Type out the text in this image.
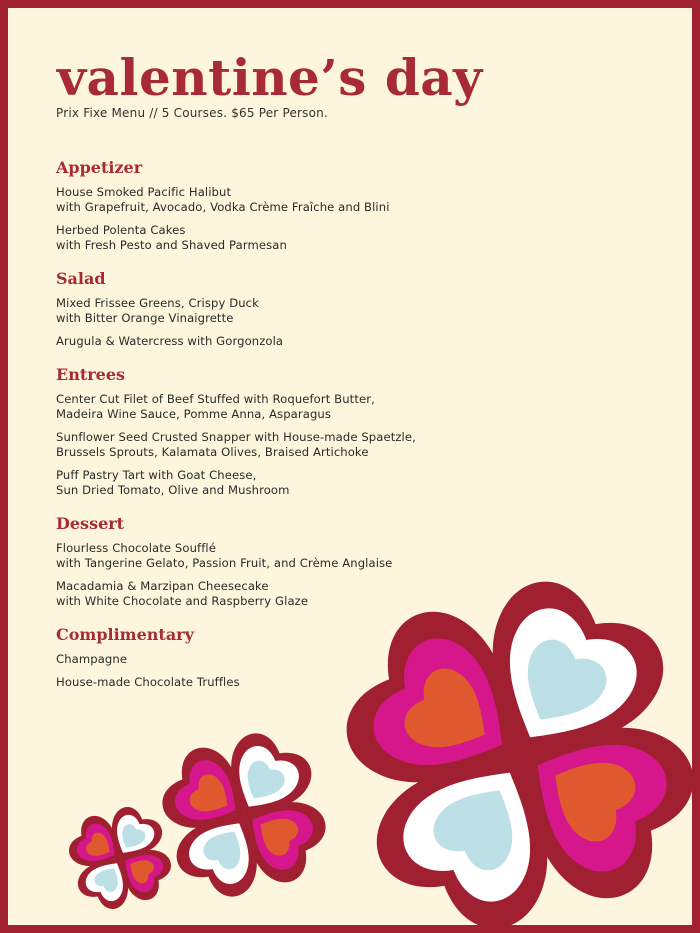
valentine’s day
Prix Fixe Menu // 5 Courses. $65 Per Person.
Appetizer
House Smoked Pacific Halibut
with Grapefruit, Avocado, Vodka Crème Fraîche and Blini
Herbed Polenta Cakes
with Fresh Pesto and Shaved Parmesan
Salad
Mixed Frissee Greens, Crispy Duck
with Bitter Orange Vinaigrette
Arugula & Watercress with Gorgonzola
Entrees
Center Cut Filet of Beef Stuffed with Roquefort Butter,
Madeira Wine Sauce, Pomme Anna, Asparagus
Sunflower Seed Crusted Snapper with House-made Spaetzle,
Brussels Sprouts, Kalamata Olives, Braised Artichoke
Puff Pastry Tart with Goat Cheese,
Sun Dried Tomato, Olive and Mushroom
Dessert
Flourless Chocolate Soufflé
with Tangerine Gelato, Passion Fruit, and Crème Anglaise
Macadamia & Marzipan Cheesecake
with White Chocolate and Raspberry Glaze
Complimentary
Champagne
House-made Chocolate Truffles
